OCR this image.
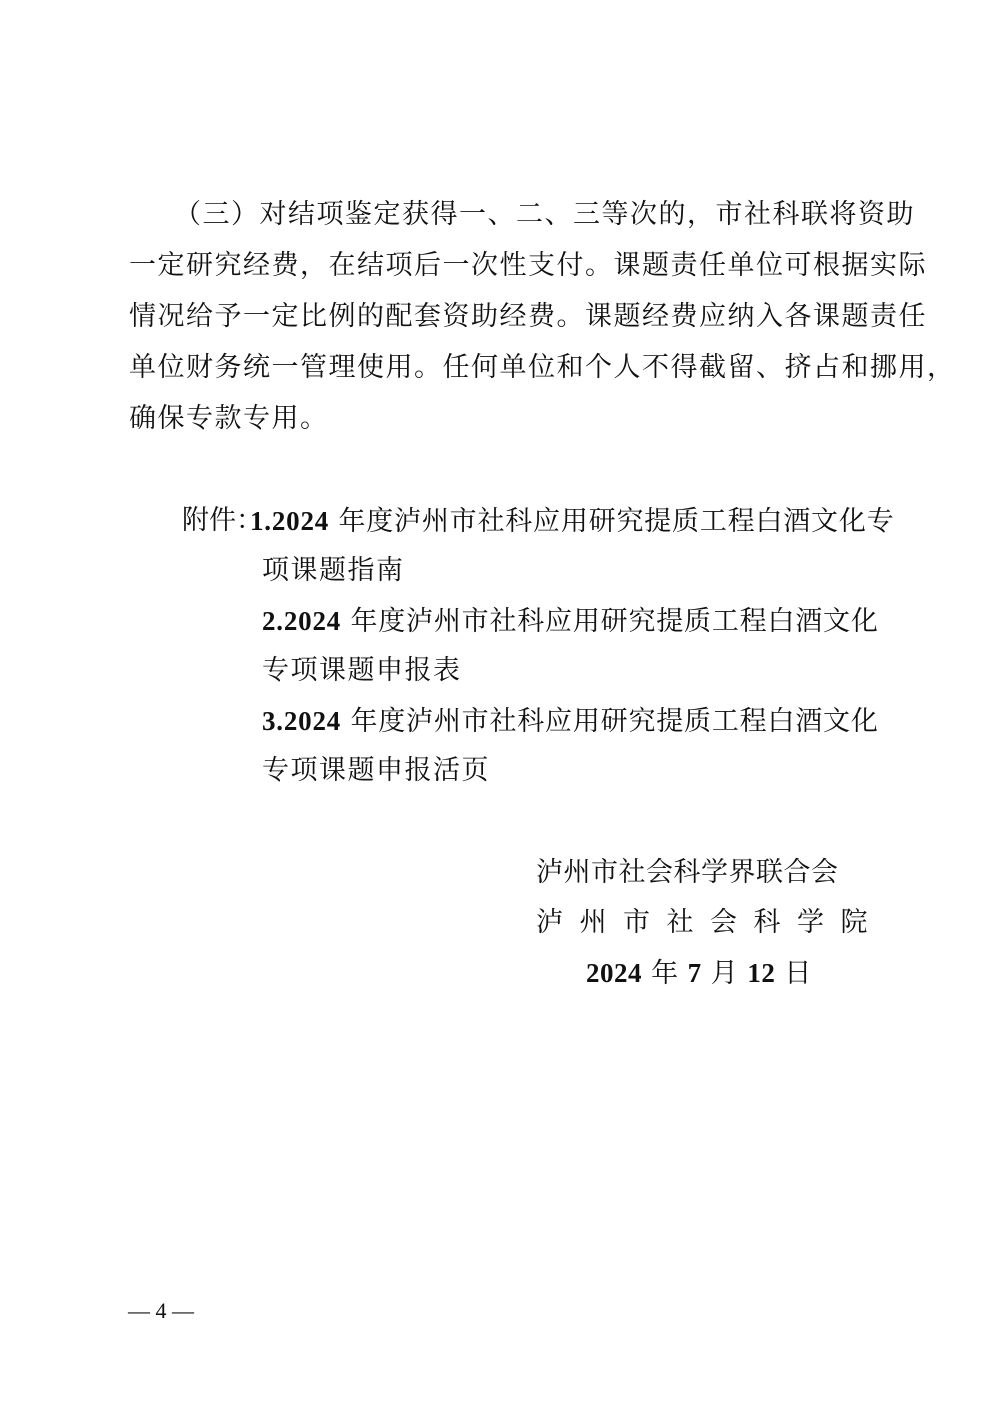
（三）对结项鉴定获得一、二、三等次的，市社科联将资助
一定研究经费，在结项后一次性支付。课题责任单位可根据实际
情况给予一定比例的配套资助经费。课题经费应纳入各课题责任
单位财务统一管理使用。任何单位和个人不得截留、挤占和挪用，
确保专款专用。
附件：
1.2024 年度泸州市社科应用研究提质工程白酒文化专
项课题指南
2.2024 年度泸州市社科应用研究提质工程白酒文化
专项课题申报表
3.2024 年度泸州市社科应用研究提质工程白酒文化
专项课题申报活页
泸州市社会科学界联合会
泸州市社会科学院
2024 年 7 月 12 日
— 4 —
